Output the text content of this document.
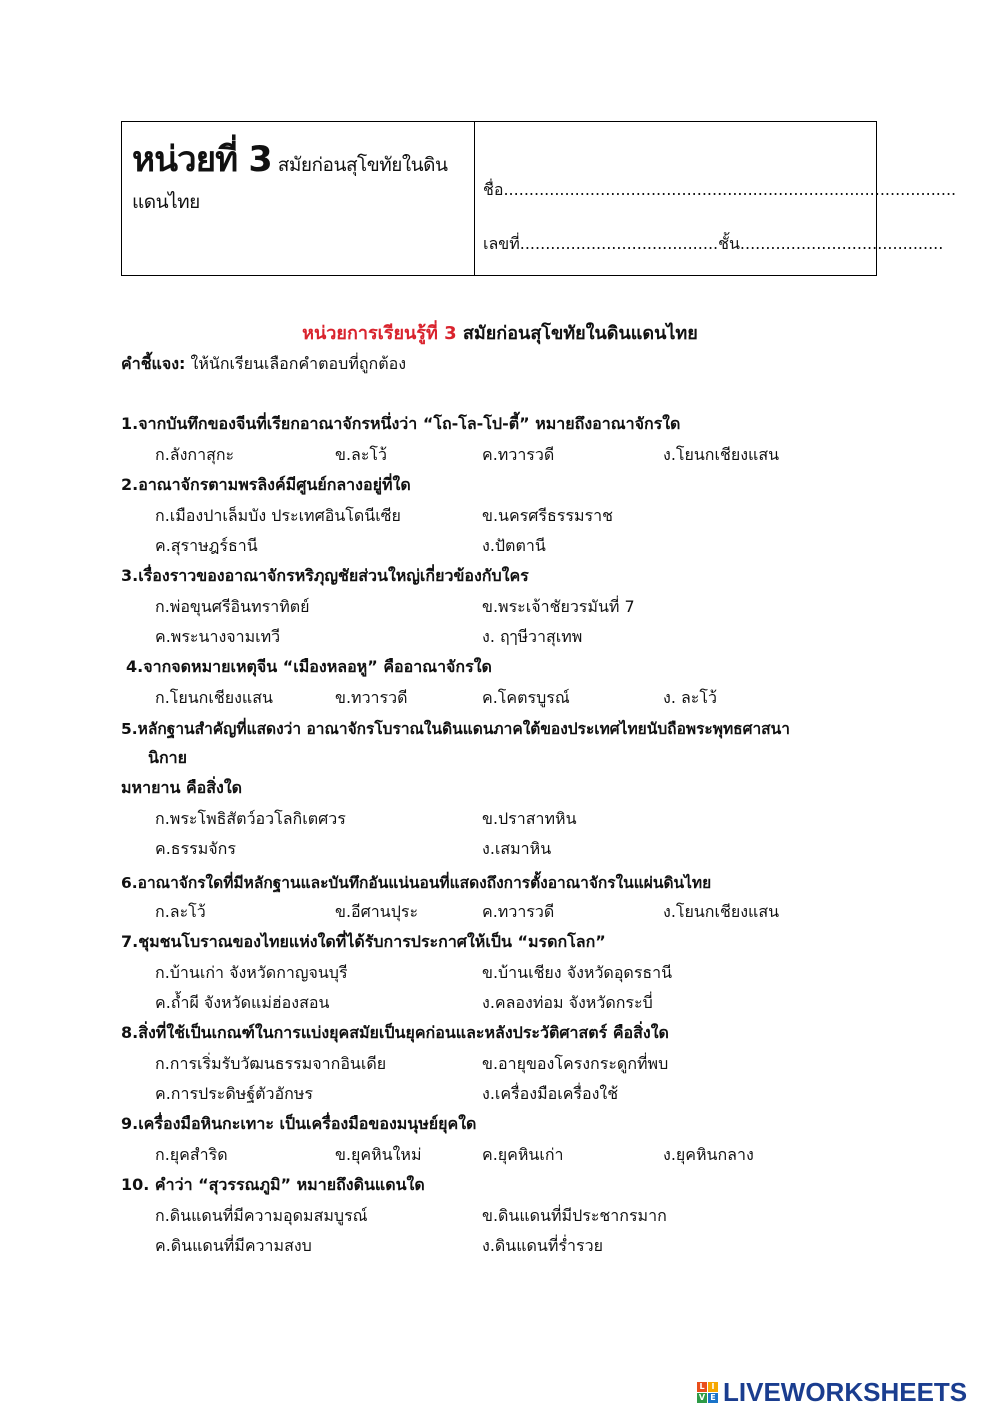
หน่วยที่ 3 สมัยก่อนสุโขทัยในดินแดนไทย
ชื่อ.........................................................................................
เลขที่.......................................ชั้น........................................
หน่วยการเรียนรู้ที่ 3 สมัยก่อนสุโขทัยในดินแดนไทย
คำชี้แจง: ให้นักเรียนเลือกคำตอบที่ถูกต้อง
1.จากบันทึกของจีนที่เรียกอาณาจักรหนึ่งว่า “โถ-โล-โป-ตี้” หมายถึงอาณาจักรใด
ก.ลังกาสุกะ	ข.ละโว้	ค.ทวารวดี	ง.โยนกเชียงแสน
2.อาณาจักรตามพรลิงค์มีศูนย์กลางอยู่ที่ใด
ก.เมืองปาเล็มบัง ประเทศอินโดนีเซีย	ข.นครศรีธรรมราช
ค.สุราษฎร์ธานี	ง.ปัตตานี
3.เรื่องราวของอาณาจักรหริภุญชัยส่วนใหญ่เกี่ยวข้องกับใคร
ก.พ่อขุนศรีอินทราทิตย์	ข.พระเจ้าชัยวรมันที่ 7
ค.พระนางจามเทวี	ง. ฤๅษีวาสุเทพ
4.จากจดหมายเหตุจีน “เมืองหลอหู” คืออาณาจักรใด
ก.โยนกเชียงแสน	ข.ทวารวดี	ค.โคตรบูรณ์	ง. ละโว้
5.หลักฐานสำคัญที่แสดงว่า อาณาจักรโบราณในดินแดนภาคใต้ของประเทศไทยนับถือพระพุทธศาสนา
นิกาย
มหายาน คือสิ่งใด
ก.พระโพธิสัตว์อวโลกิเตศวร	ข.ปราสาทหิน
ค.ธรรมจักร	ง.เสมาหิน
6.อาณาจักรใดที่มีหลักฐานและบันทึกอันแน่นอนที่แสดงถึงการตั้งอาณาจักรในแผ่นดินไทย
ก.ละโว้	ข.อีศานปุระ	ค.ทวารวดี	ง.โยนกเชียงแสน
7.ชุมชนโบราณของไทยแห่งใดที่ได้รับการประกาศให้เป็น “มรดกโลก”
ก.บ้านเก่า จังหวัดกาญจนบุรี	ข.บ้านเชียง จังหวัดอุดรธานี
ค.ถ้ำผี จังหวัดแม่ฮ่องสอน	ง.คลองท่อม จังหวัดกระบี่
8.สิ่งที่ใช้เป็นเกณฑ์ในการแบ่งยุคสมัยเป็นยุคก่อนและหลังประวัติศาสตร์ คือสิ่งใด
ก.การเริ่มรับวัฒนธรรมจากอินเดีย	ข.อายุของโครงกระดูกที่พบ
ค.การประดิษฐ์ตัวอักษร	ง.เครื่องมือเครื่องใช้
9.เครื่องมือหินกะเทาะ เป็นเครื่องมือของมนุษย์ยุคใด
ก.ยุคสำริด	ข.ยุคหินใหม่	ค.ยุคหินเก่า	ง.ยุคหินกลาง
10. คำว่า “สุวรรณภูมิ” หมายถึงดินแดนใด
ก.ดินแดนที่มีความอุดมสมบูรณ์	ข.ดินแดนที่มีประชากรมาก
ค.ดินแดนที่มีความสงบ	ง.ดินแดนที่ร่ำรวย
L I
V E LIVEWORKSHEETS
